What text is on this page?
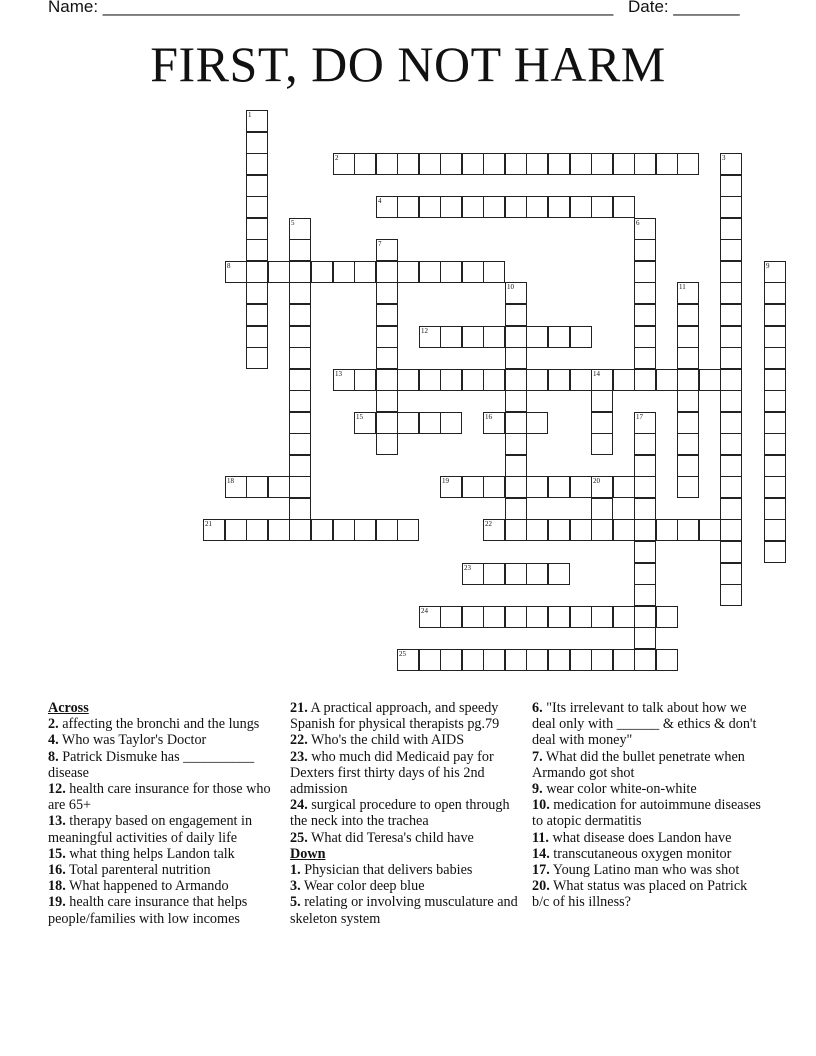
Name: ______________________________________________________ Date: _______
FIRST, DO NOT HARM
1
2	3
4
5	6
7
8	9
10	11
12
13	14
15	16	17
18	19	20
21	22
23
24
25
Across
2. affecting the bronchi and the lungs
4. Who was Taylor's Doctor
8. Patrick Dismuke has __________ disease
12. health care insurance for those who are 65+
13. therapy based on engagement in meaningful activities of daily life
15. what thing helps Landon talk
16. Total parenteral nutrition
18. What happened to Armando
19. health care insurance that helps people/families with low incomes
21. A practical approach, and speedy Spanish for physical therapists pg.79
22. Who's the child with AIDS
23. who much did Medicaid pay for Dexters first thirty days of his 2nd admission
24. surgical procedure to open through the neck into the trachea
25. What did Teresa's child have
Down
1. Physician that delivers babies
3. Wear color deep blue
5. relating or involving musculature and skeleton system
6. "Its irrelevant to talk about how we deal only with ______ & ethics & don't deal with money"
7. What did the bullet penetrate when Armando got shot
9. wear color white-on-white
10. medication for autoimmune diseases to atopic dermatitis
11. what disease does Landon have
14. transcutaneous oxygen monitor
17. Young Latino man who was shot
20. What status was placed on Patrick b/c of his illness?
